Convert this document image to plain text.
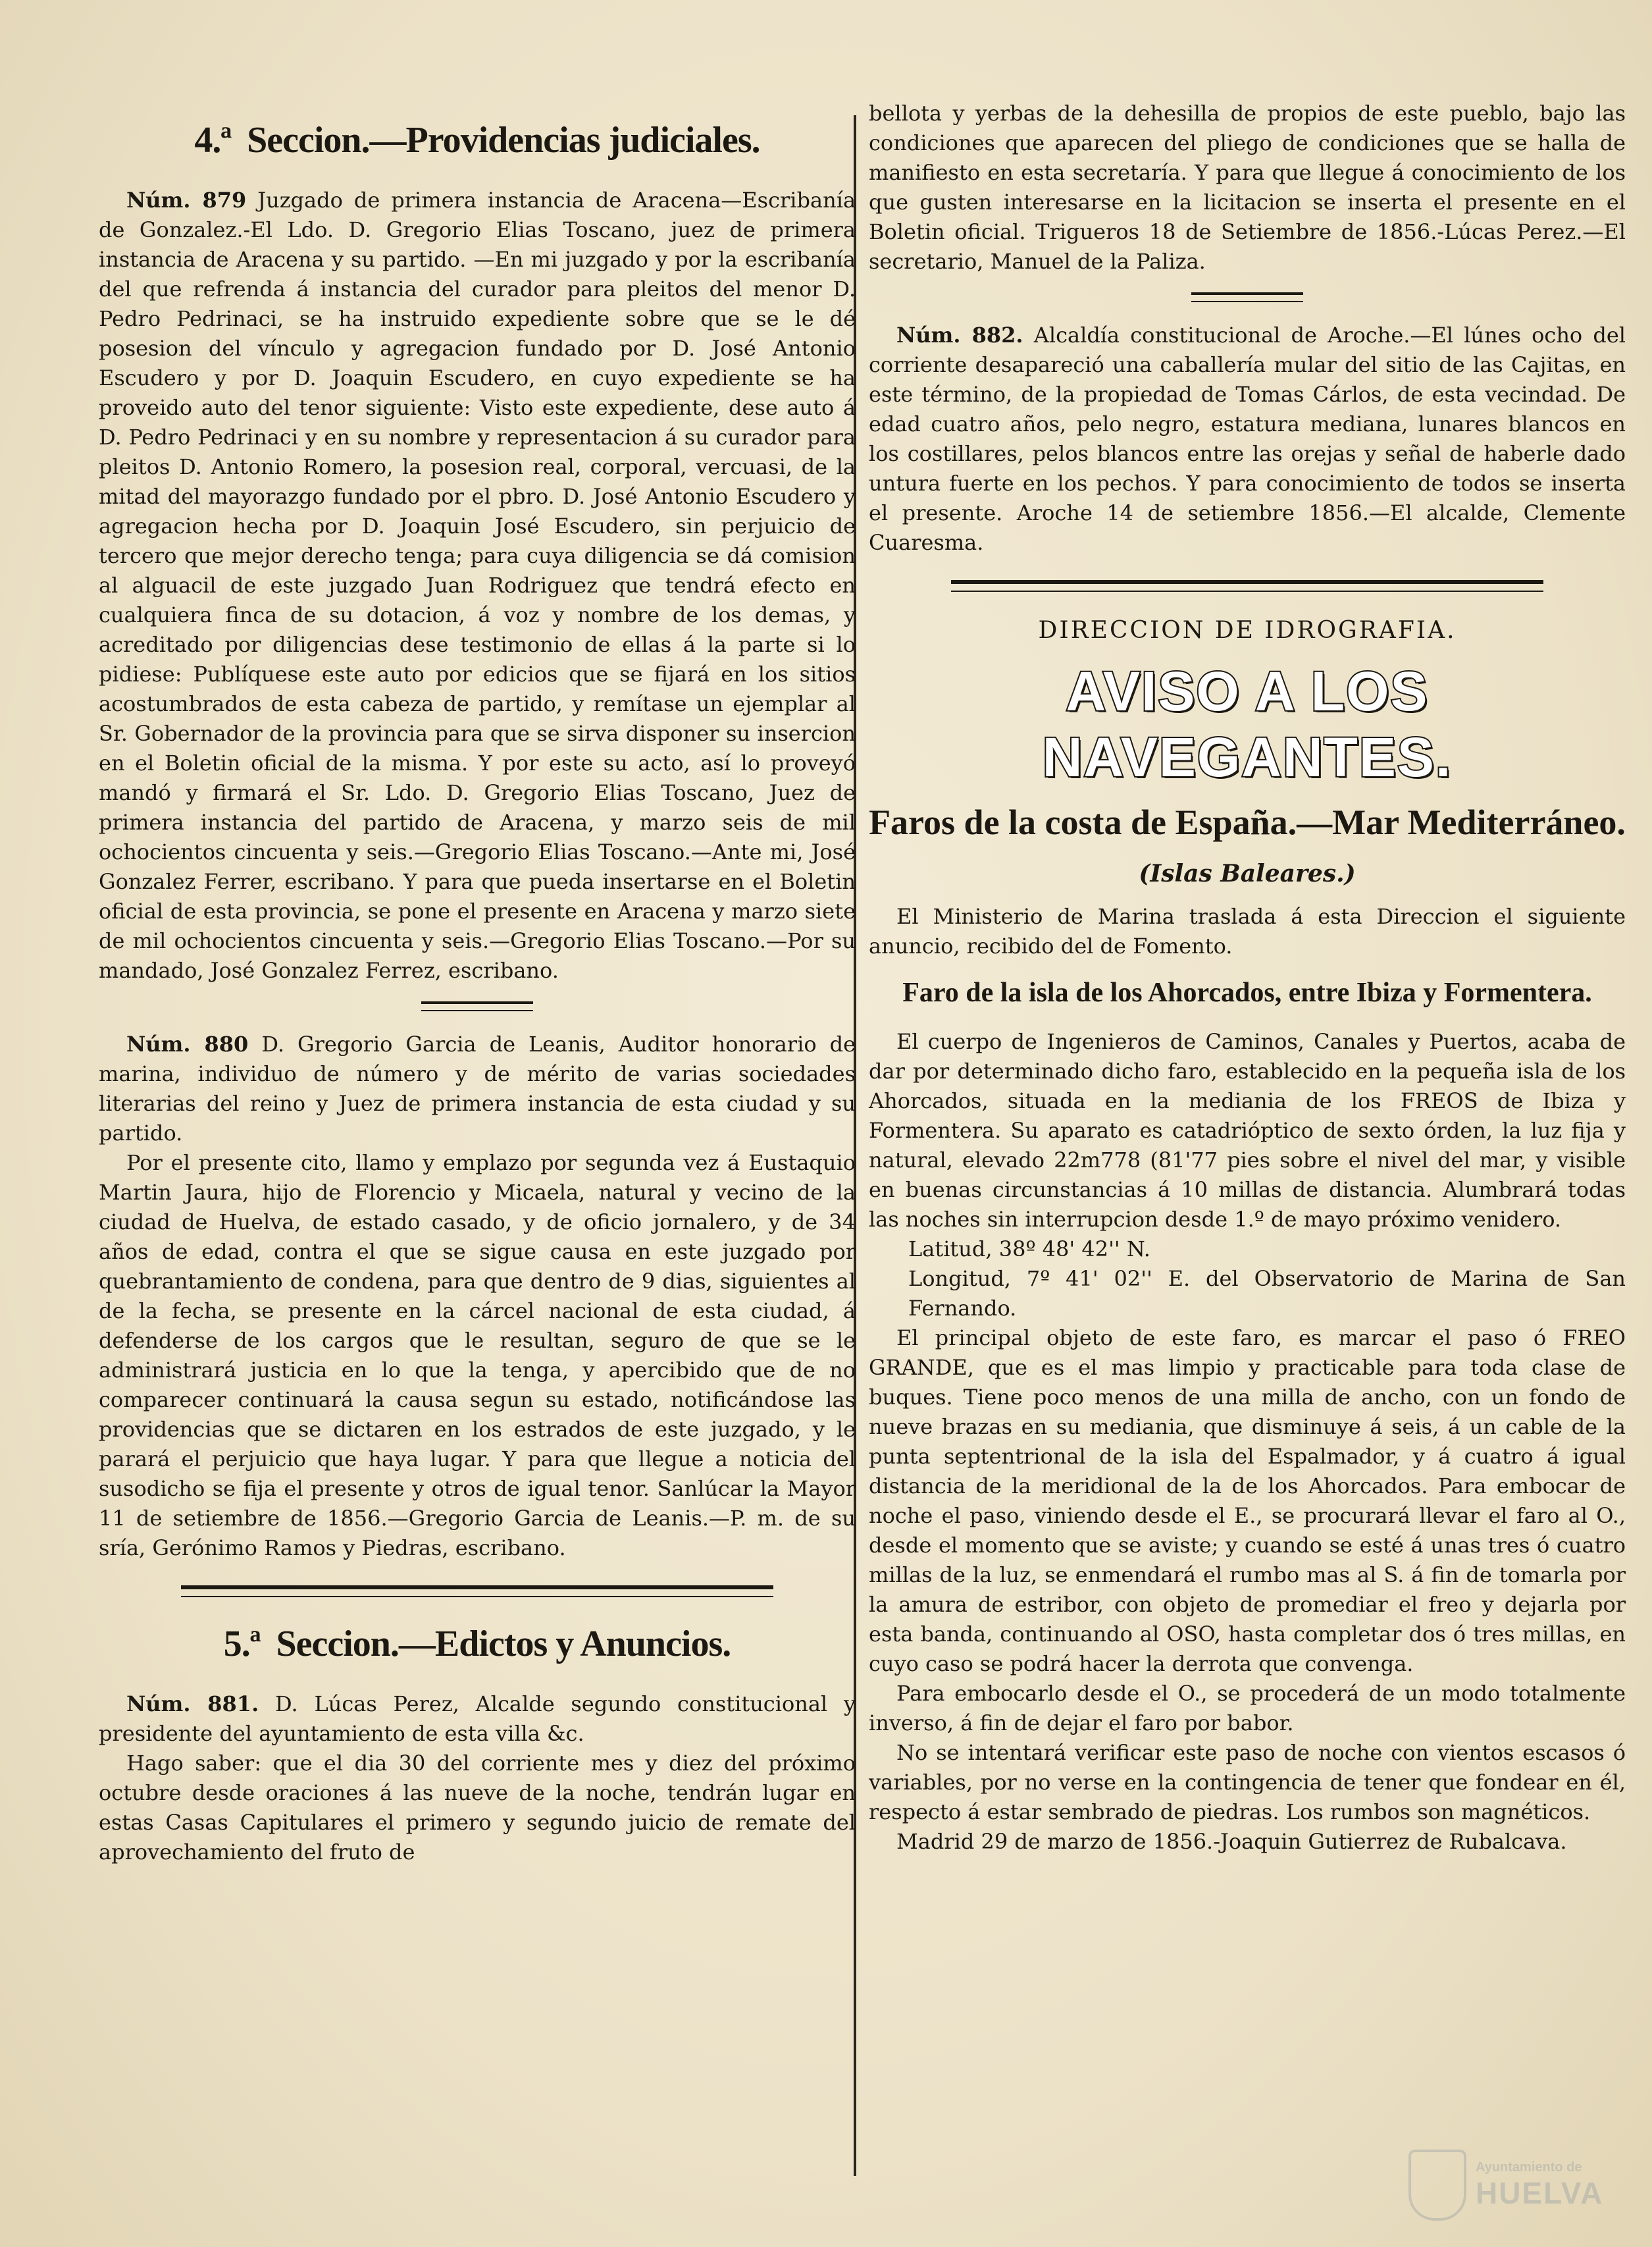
4.ª Seccion.—Providencias judiciales.

Núm. 879 Juzgado de primera instancia de Aracena—Escribanía de Gonzalez.-El Ldo. D. Gregorio Elias Toscano, juez de primera instancia de Aracena y su partido. —En mi juzgado y por la escribanía del que refrenda á instancia del curador para pleitos del menor D. Pedro Pedrinaci, se ha instruido expediente sobre que se le dé posesion del vínculo y agregacion fundado por D. José Antonio Escudero y por D. Joaquin Escudero, en cuyo expediente se ha proveido auto del tenor siguiente: Visto este expediente, dese auto á D. Pedro Pedrinaci y en su nombre y representacion á su curador para pleitos D. Antonio Romero, la posesion real, corporal, vercuasi, de la mitad del mayorazgo fundado por el pbro. D. José Antonio Escudero y agregacion hecha por D. Joaquin José Escudero, sin perjuicio de tercero que mejor derecho tenga; para cuya diligencia se dá comision al alguacil de este juzgado Juan Rodriguez que tendrá efecto en cualquiera finca de su dotacion, á voz y nombre de los demas, y acreditado por diligencias dese testimonio de ellas á la parte si lo pidiese: Publíquese este auto por edicios que se fijará en los sitios acostumbrados de esta cabeza de partido, y remítase un ejemplar al Sr. Gobernador de la provincia para que se sirva disponer su insercion en el Boletin oficial de la misma. Y por este su acto, así lo proveyó mandó y firmará el Sr. Ldo. D. Gregorio Elias Toscano, Juez de primera instancia del partido de Aracena, y marzo seis de mil ochocientos cincuenta y seis.—Gregorio Elias Toscano.—Ante mi, José Gonzalez Ferrer, escribano. Y para que pueda insertarse en el Boletin oficial de esta provincia, se pone el presente en Aracena y marzo siete de mil ochocientos cincuenta y seis.—Gregorio Elias Toscano.—Por su mandado, José Gonzalez Ferrez, escribano.

Núm. 880 D. Gregorio Garcia de Leanis, Auditor honorario de marina, individuo de número y de mérito de varias sociedades literarias del reino y Juez de primera instancia de esta ciudad y su partido.

Por el presente cito, llamo y emplazo por segunda vez á Eustaquio Martin Jaura, hijo de Florencio y Micaela, natural y vecino de la ciudad de Huelva, de estado casado, y de oficio jornalero, y de 34 años de edad, contra el que se sigue causa en este juzgado por quebrantamiento de condena, para que dentro de 9 dias, siguientes al de la fecha, se presente en la cárcel nacional de esta ciudad, á defenderse de los cargos que le resultan, seguro de que se le administrará justicia en lo que la tenga, y apercibido que de no comparecer continuará la causa segun su estado, notificándose las providencias que se dictaren en los estrados de este juzgado, y le parará el perjuicio que haya lugar. Y para que llegue a noticia del susodicho se fija el presente y otros de igual tenor. Sanlúcar la Mayor 11 de setiembre de 1856.—Gregorio Garcia de Leanis.—P. m. de su sría, Gerónimo Ramos y Piedras, escribano.

5.ª Seccion.—Edictos y Anuncios.

Núm. 881. D. Lúcas Perez, Alcalde segundo constitucional y presidente del ayuntamiento de esta villa &c.

Hago saber: que el dia 30 del corriente mes y diez del próximo octubre desde oraciones á las nueve de la noche, tendrán lugar en estas Casas Capitulares el primero y segundo juicio de remate del aprovechamiento del fruto de

bellota y yerbas de la dehesilla de propios de este pueblo, bajo las condiciones que aparecen del pliego de condiciones que se halla de manifiesto en esta secretaría. Y para que llegue á conocimiento de los que gusten interesarse en la licitacion se inserta el presente en el Boletin oficial. Trigueros 18 de Setiembre de 1856.-Lúcas Perez.—El secretario, Manuel de la Paliza.

Núm. 882. Alcaldía constitucional de Aroche.—El lúnes ocho del corriente desapareció una caballería mular del sitio de las Cajitas, en este término, de la propiedad de Tomas Cárlos, de esta vecindad. De edad cuatro años, pelo negro, estatura mediana, lunares blancos en los costillares, pelos blancos entre las orejas y señal de haberle dado untura fuerte en los pechos. Y para conocimiento de todos se inserta el presente. Aroche 14 de setiembre 1856.—El alcalde, Clemente Cuaresma.

DIRECCION DE IDROGRAFIA.
AVISO A LOS NAVEGANTES.
Faros de la costa de España.—Mar Mediterráneo.
(Islas Baleares.)

El Ministerio de Marina traslada á esta Direccion el siguiente anuncio, recibido del de Fomento.

Faro de la isla de los Ahorcados, entre Ibiza y Formentera.

El cuerpo de Ingenieros de Caminos, Canales y Puertos, acaba de dar por determinado dicho faro, establecido en la pequeña isla de los Ahorcados, situada en la mediania de los FREOS de Ibiza y Formentera. Su aparato es catadrióptico de sexto órden, la luz fija y natural, elevado 22m778 (81'77 pies sobre el nivel del mar, y visible en buenas circunstancias á 10 millas de distancia. Alumbrará todas las noches sin interrupcion desde 1.º de mayo próximo venidero.

Latitud, 38º 48' 42'' N.

Longitud, 7º 41' 02'' E. del Observatorio de Marina de San Fernando.

El principal objeto de este faro, es marcar el paso ó FREO GRANDE, que es el mas limpio y practicable para toda clase de buques. Tiene poco menos de una milla de ancho, con un fondo de nueve brazas en su mediania, que disminuye á seis, á un cable de la punta septentrional de la isla del Espalmador, y á cuatro á igual distancia de la meridional de la de los Ahorcados. Para embocar de noche el paso, viniendo desde el E., se procurará llevar el faro al O., desde el momento que se aviste; y cuando se esté á unas tres ó cuatro millas de la luz, se enmendará el rumbo mas al S. á fin de tomarla por la amura de estribor, con objeto de promediar el freo y dejarla por esta banda, continuando al OSO, hasta completar dos ó tres millas, en cuyo caso se podrá hacer la derrota que convenga.

Para embocarlo desde el O., se procederá de un modo totalmente inverso, á fin de dejar el faro por babor.

No se intentará verificar este paso de noche con vientos escasos ó variables, por no verse en la contingencia de tener que fondear en él, respecto á estar sembrado de piedras. Los rumbos son magnéticos.

Madrid 29 de marzo de 1856.-Joaquin Gutierrez de Rubalcava.

Ayuntamiento de
HUELVA
